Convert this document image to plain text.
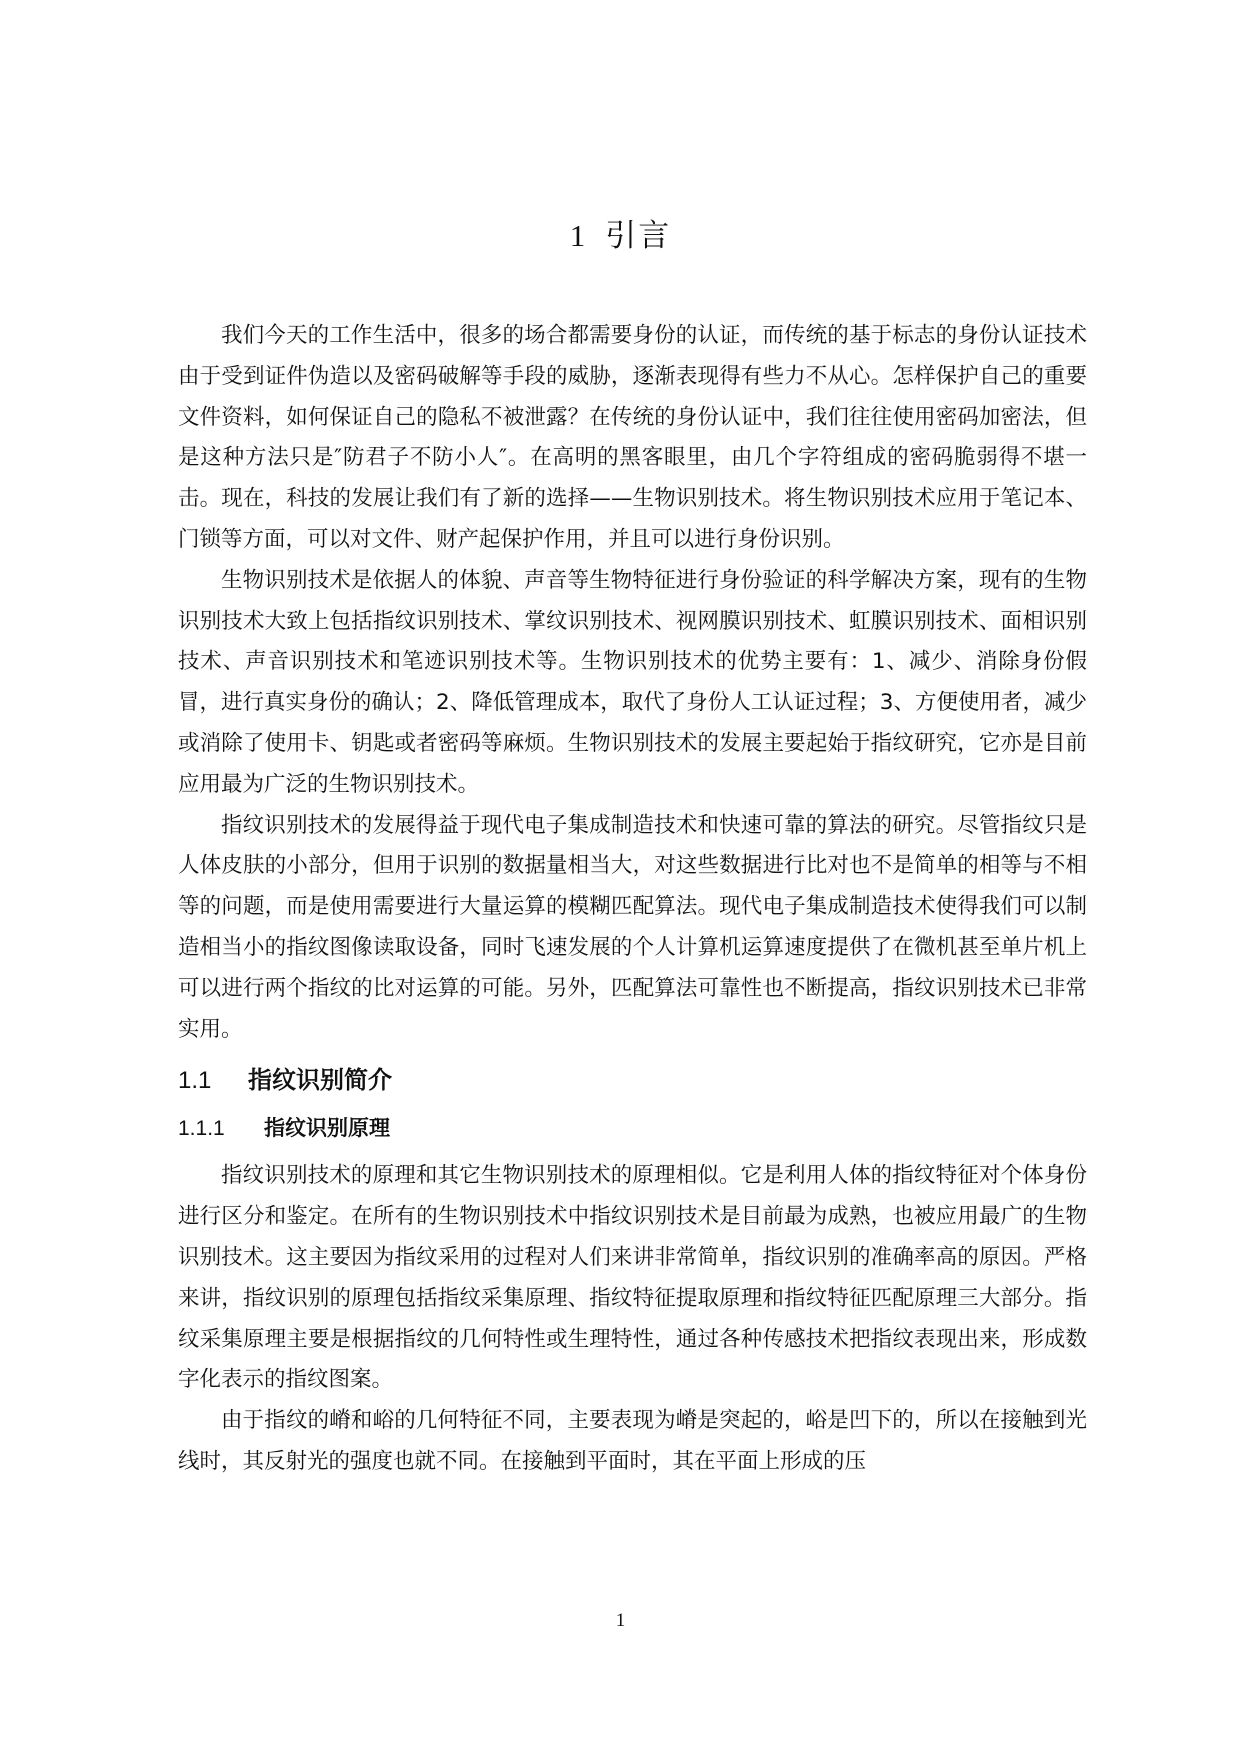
1 引言

我们今天的工作生活中，很多的场合都需要身份的认证，而传统的基于标志的身份认证技术由于受到证件伪造以及密码破解等手段的威胁，逐渐表现得有些力不从心。怎样保护自己的重要文件资料，如何保证自己的隐私不被泄露？在传统的身份认证中，我们往往使用密码加密法，但是这种方法只是″防君子不防小人″。在高明的黑客眼里，由几个字符组成的密码脆弱得不堪一击。现在，科技的发展让我们有了新的选择——生物识别技术。将生物识别技术应用于笔记本、门锁等方面，可以对文件、财产起保护作用，并且可以进行身份识别。

生物识别技术是依据人的体貌、声音等生物特征进行身份验证的科学解决方案，现有的生物识别技术大致上包括指纹识别技术、掌纹识别技术、视网膜识别技术、虹膜识别技术、面相识别技术、声音识别技术和笔迹识别技术等。生物识别技术的优势主要有：1、减少、消除身份假冒，进行真实身份的确认；2、降低管理成本，取代了身份人工认证过程；3、方便使用者，减少或消除了使用卡、钥匙或者密码等麻烦。生物识别技术的发展主要起始于指纹研究，它亦是目前应用最为广泛的生物识别技术。

指纹识别技术的发展得益于现代电子集成制造技术和快速可靠的算法的研究。尽管指纹只是人体皮肤的小部分，但用于识别的数据量相当大，对这些数据进行比对也不是简单的相等与不相等的问题，而是使用需要进行大量运算的模糊匹配算法。现代电子集成制造技术使得我们可以制造相当小的指纹图像读取设备，同时飞速发展的个人计算机运算速度提供了在微机甚至单片机上可以进行两个指纹的比对运算的可能。另外，匹配算法可靠性也不断提高，指纹识别技术已非常实用。

1.1 指纹识别简介
1.1.1 指纹识别原理

指纹识别技术的原理和其它生物识别技术的原理相似。它是利用人体的指纹特征对个体身份进行区分和鉴定。在所有的生物识别技术中指纹识别技术是目前最为成熟，也被应用最广的生物识别技术。这主要因为指纹采用的过程对人们来讲非常简单，指纹识别的准确率高的原因。严格来讲，指纹识别的原理包括指纹采集原理、指纹特征提取原理和指纹特征匹配原理三大部分。指纹采集原理主要是根据指纹的几何特性或生理特性，通过各种传感技术把指纹表现出来，形成数字化表示的指纹图案。

由于指纹的嵴和峪的几何特征不同，主要表现为嵴是突起的，峪是凹下的，所以在接触到光线时，其反射光的强度也就不同。在接触到平面时，其在平面上形成的压

1
